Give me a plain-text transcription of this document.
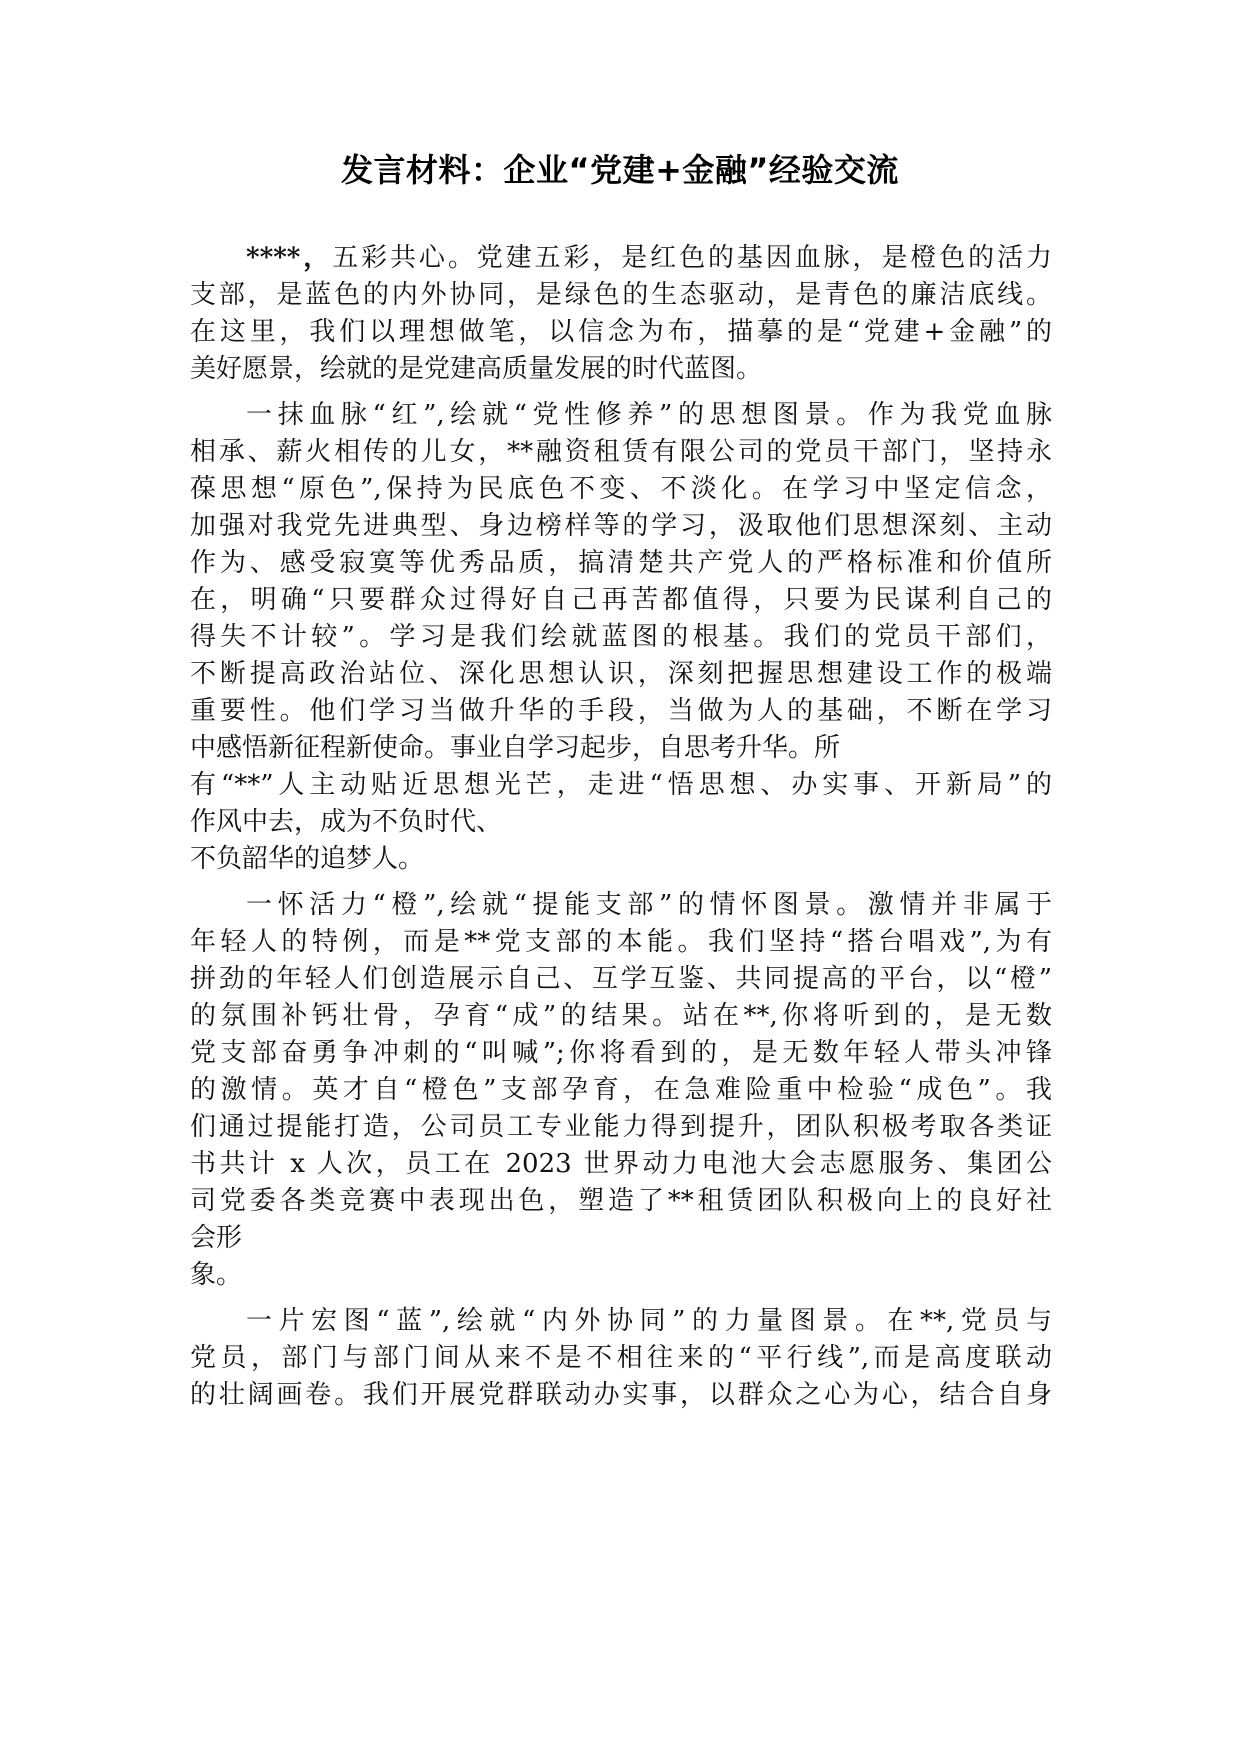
发言材料：企业“党建+金融”经验交流
****，五彩共心。党建五彩，是红色的基因血脉，是橙色的活力
支部，是蓝色的内外协同，是绿色的生态驱动，是青色的廉洁底线。
在这里，我们以理想做笔，以信念为布，描摹的是“党建+金融”的
美好愿景，绘就的是党建高质量发展的时代蓝图。
一抹血脉“红”,绘就“党性修养”的思想图景。作为我党血脉
相承、薪火相传的儿女，**融资租赁有限公司的党员干部门，坚持永
葆思想“原色”,保持为民底色不变、不淡化。在学习中坚定信念，
加强对我党先进典型、身边榜样等的学习，汲取他们思想深刻、主动
作为、感受寂寞等优秀品质，搞清楚共产党人的严格标准和价值所
在，明确“只要群众过得好自己再苦都值得，只要为民谋利自己的
得失不计较”。学习是我们绘就蓝图的根基。我们的党员干部们，
不断提高政治站位、深化思想认识，深刻把握思想建设工作的极端
重要性。他们学习当做升华的手段，当做为人的基础，不断在学习
中感悟新征程新使命。事业自学习起步，自思考升华。所
有“**”人主动贴近思想光芒，走进“悟思想、办实事、开新局”的
作风中去，成为不负时代、
不负韶华的追梦人。
一怀活力“橙”,绘就“提能支部”的情怀图景。激情并非属于
年轻人的特例，而是**党支部的本能。我们坚持“搭台唱戏”,为有
拼劲的年轻人们创造展示自己、互学互鉴、共同提高的平台，以“橙”
的氛围补钙壮骨，孕育“成”的结果。站在**,你将听到的，是无数
党支部奋勇争冲刺的“叫喊”;你将看到的，是无数年轻人带头冲锋
的激情。英才自“橙色”支部孕育，在急难险重中检验“成色”。我
们通过提能打造，公司员工专业能力得到提升，团队积极考取各类证
书共计 x 人次，员工在 2023 世界动力电池大会志愿服务、集团公
司党委各类竞赛中表现出色，塑造了**租赁团队积极向上的良好社
会形
象。
一片宏图“蓝”,绘就“内外协同”的力量图景。在**,党员与
党员，部门与部门间从来不是不相往来的“平行线”,而是高度联动
的壮阔画卷。我们开展党群联动办实事，以群众之心为心，结合自身
